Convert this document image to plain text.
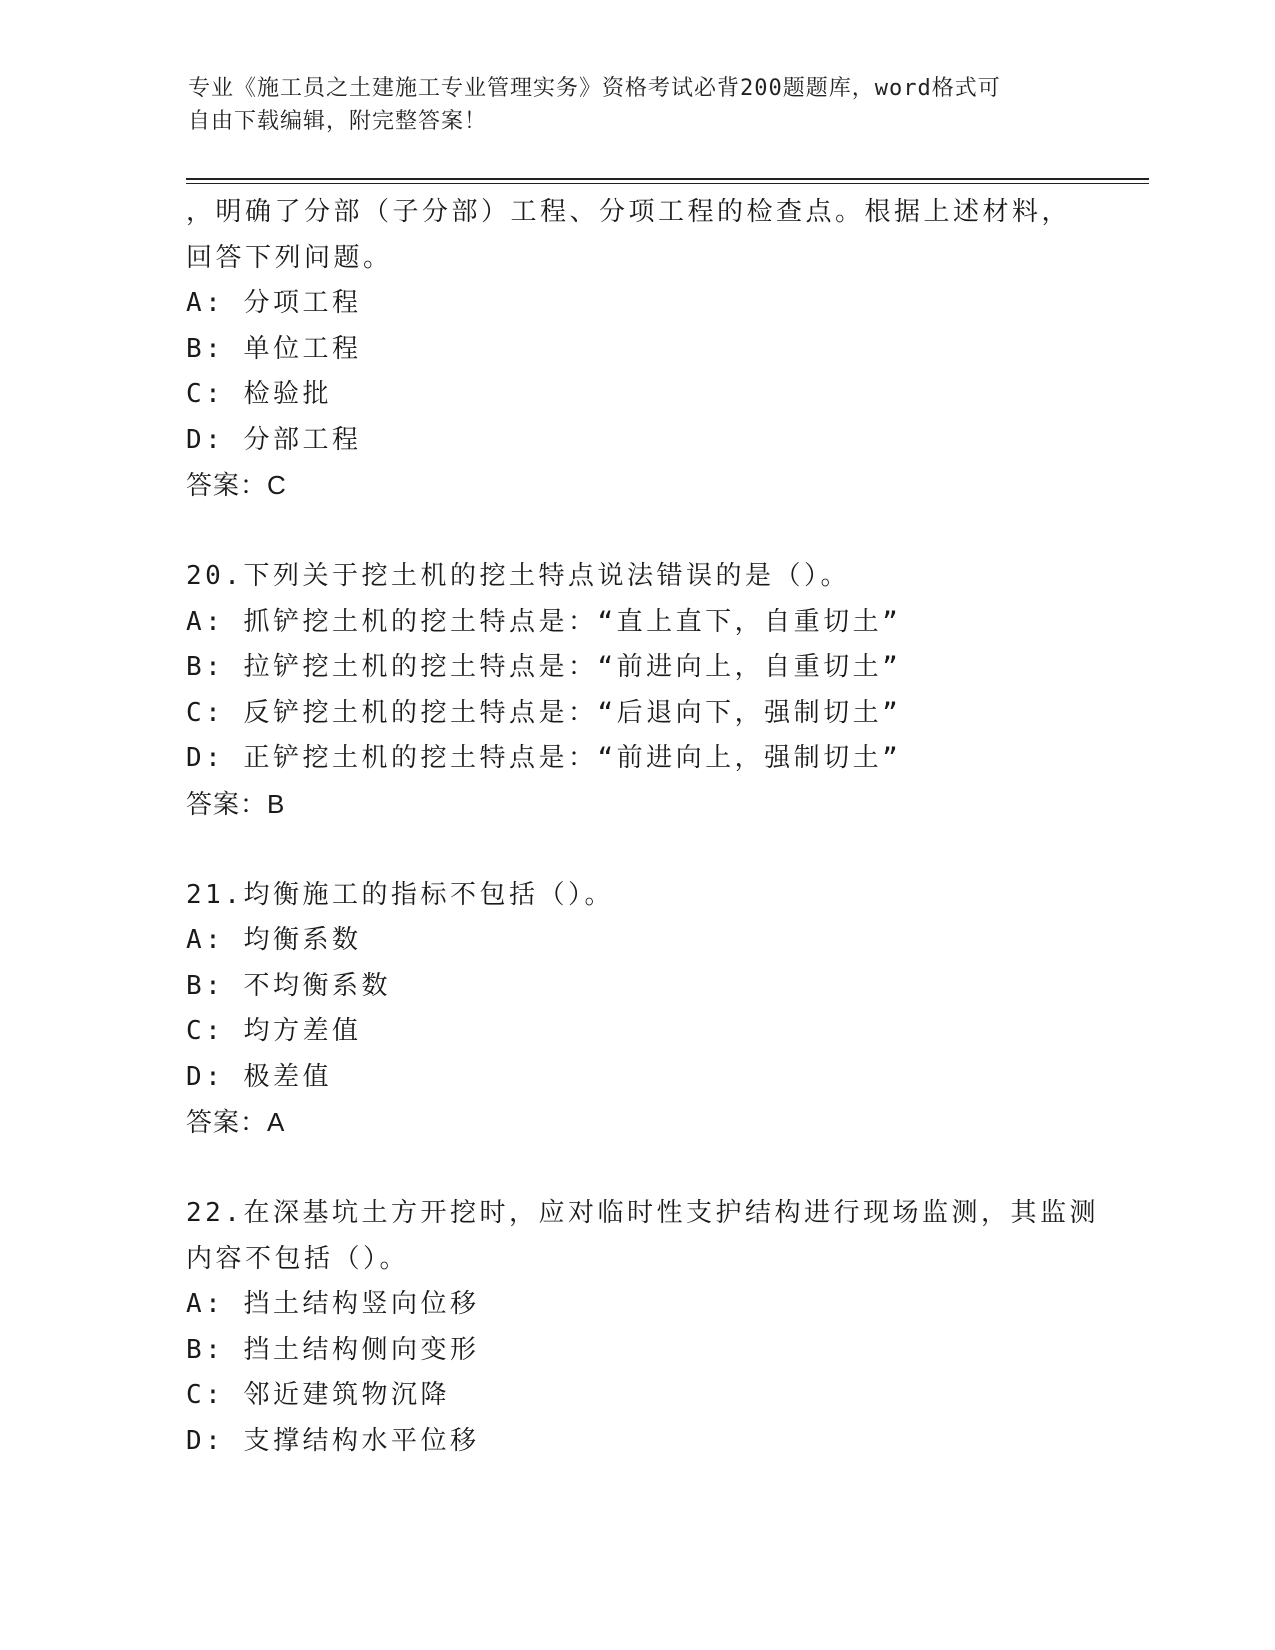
专业《施工员之土建施工专业管理实务》资格考试必背200题题库，word格式可
自由下载编辑，附完整答案！
，明确了分部（子分部）工程、分项工程的检查点。根据上述材料，
回答下列问题。
A: 分项工程
B: 单位工程
C: 检验批
D: 分部工程
答案：C
20.下列关于挖土机的挖土特点说法错误的是（）。
A: 抓铲挖土机的挖土特点是：“直上直下，自重切土”
B: 拉铲挖土机的挖土特点是：“前进向上，自重切土”
C: 反铲挖土机的挖土特点是：“后退向下，强制切土”
D: 正铲挖土机的挖土特点是：“前进向上，强制切土”
答案：B
21.均衡施工的指标不包括（）。
A: 均衡系数
B: 不均衡系数
C: 均方差值
D: 极差值
答案：A
22.在深基坑土方开挖时，应对临时性支护结构进行现场监测，其监测
内容不包括（）。
A: 挡土结构竖向位移
B: 挡土结构侧向变形
C: 邻近建筑物沉降
D: 支撑结构水平位移
